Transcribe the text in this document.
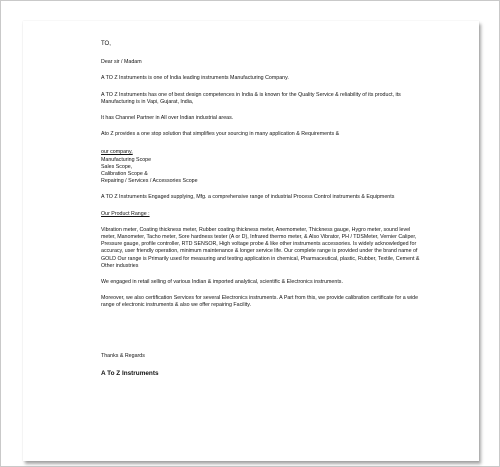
TO,

Dear sir / Madam

A TO Z Instruments is one of India leading instruments Manufacturing Company.

A TO Z Instruments has one of best design competences in India & is known for the Quality Service & reliability of its product, its Manufacturing is in Vapi, Gujarat, India,

It has Channel Partner in All over Indian industrial areas.

Ato Z provides a one stop solution that simplifies your sourcing in many application & Requirements &

our company,

Manufacturing Scope
Sales Scope,
Calibration Scope &
Repairing / Services / Accessories Scope

A TO Z Instruments Engaged supplying, Mfg. a comprehensive range of industrial Process Control instruments & Equipments

Our Product Range :

Vibration meter, Coating thickness meter, Rubber coating thickness meter, Anemometer, Thickness gauge, Hygro meter, sound level meter, Manometer, Tacho meter, Sore hardness tester (A or D), Infrared thermo meter, & Also Vibrator, PH / TDSMeter, Vernier Caliper, Pressure gauge, profile controller, RTD SENSOR, High voltage probe & like other instruments accessories. Is widely acknowledged for accuracy, user friendly operation, minimum maintenance & longer service life. Our complete range is provided under the brand name of GOLD Our range is Primarily used for measuring and testing application in chemical, Pharmaceutical, plastic, Rubber, Textile, Cement & Other industries

We engaged in retail selling of various Indian & imported analytical, scientific & Electronics instruments.

Moreover, we also certification Services for several Electronics instruments. A Part from this, we provide calibration certificate for a wide range of electronic instruments & also we offer repairing Facility.

Thanks & Regards

A To Z Instruments
